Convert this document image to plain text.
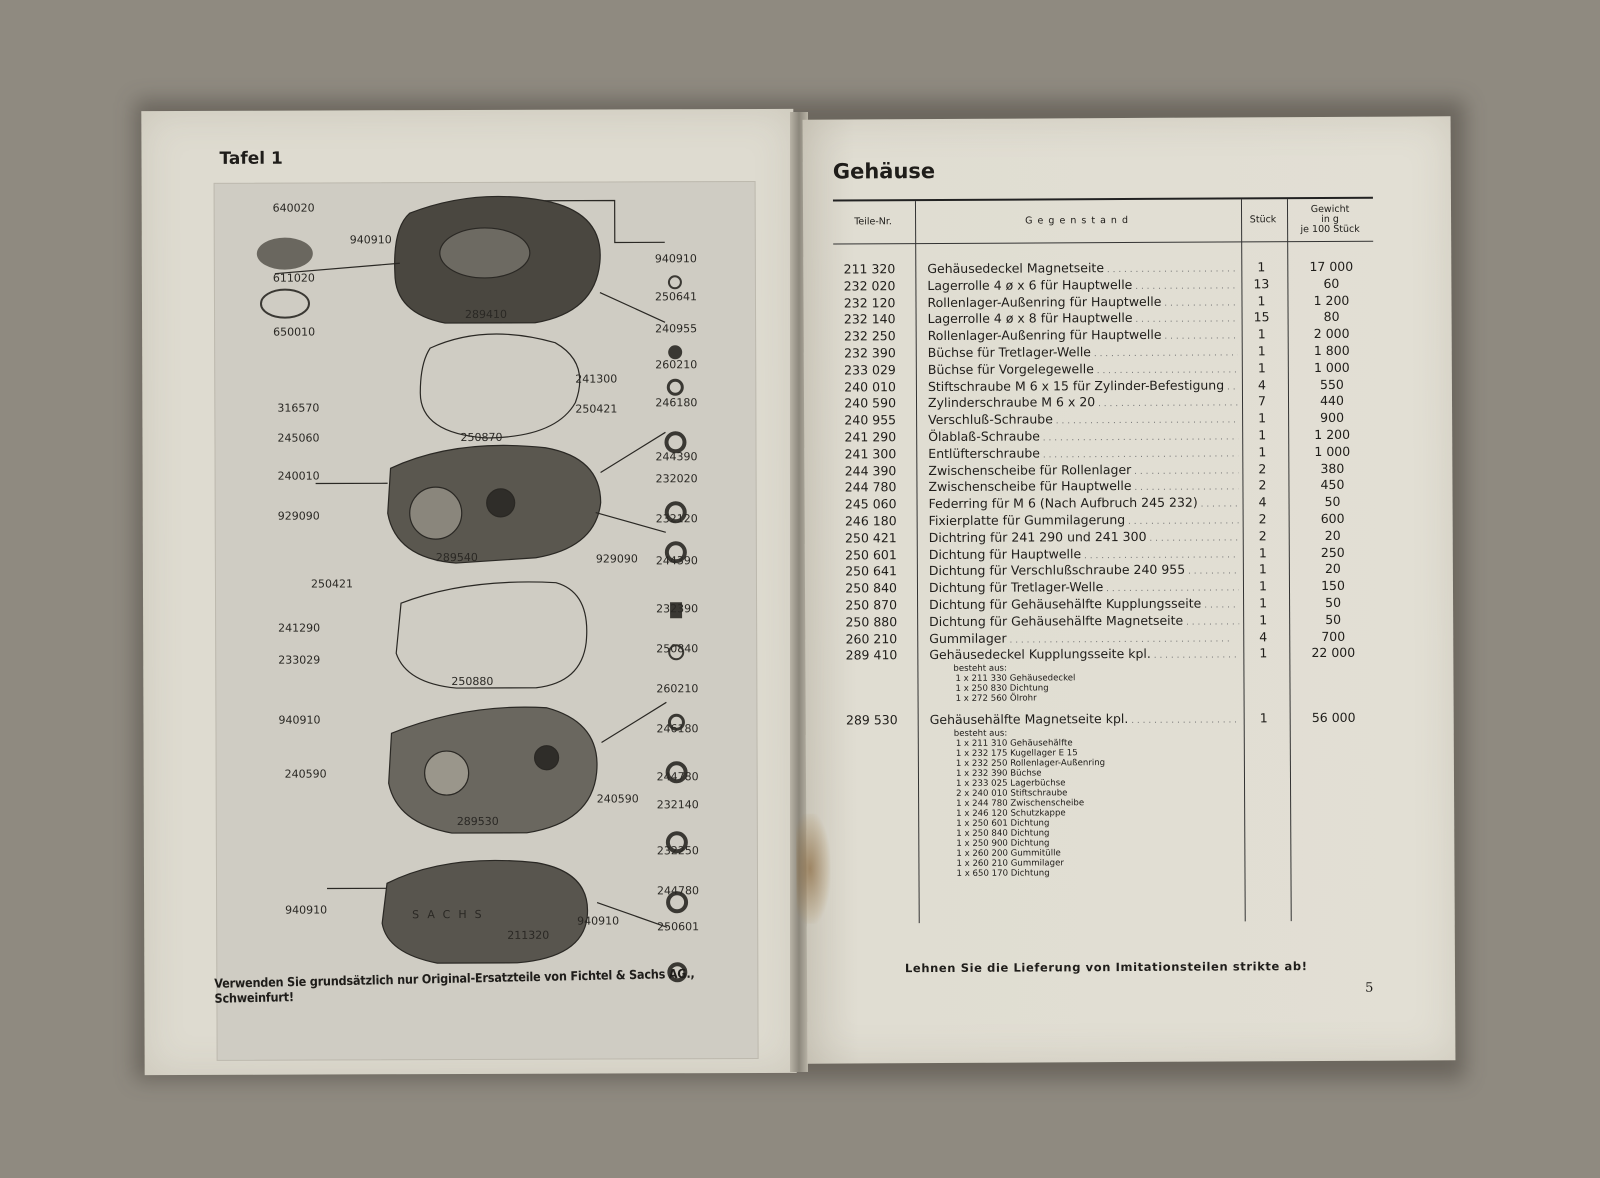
Tafel 1
SACHS
640020
940910
611020
650010
289410
940910
250641
240955
260210
241300
250421	246180
316570
245060
240010
250870
244390
232020
929090	232120
289540	929090 244390
250421
241290
233029
232390
250840
250880
260210
940910
246180
240590	244780
240590 232140
289530
232250
940910
244780
940910
211320
250601
Verwenden Sie grundsätzlich nur Original-Ersatzteile von Fichtel & Sachs AG., Schweinfurt!
Gehäuse
Teile-Nr.	G e g e n s t a n d	Stück
Gewicht
in g
je 100 Stück
211 320	Gehäusedeckel Magnetseite . . .	1	17 000
232 020	Lagerrolle 4 ø x 6 für Hauptwelle . . .	13	60
232 120	Rollenlager-Außenring für Hauptwelle . . .	1	1 200
232 140	Lagerrolle 4 ø x 8 für Hauptwelle . . .	15	80
232 250	Rollenlager-Außenring für Hauptwelle . . .	1	2 000
232 390	Büchse für Tretlager-Welle . . .	1	1 800
233 029	Büchse für Vorgelegewelle . . .	1	1 000
240 010	Stiftschraube M 6 x 15 für Zylinder-Befestigung . . .	4	550
240 590	Zylinderschraube M 6 x 20 . . .	7	440
240 955	Verschluß-Schraube . . .	1	900
241 290	Ölablaß-Schraube . . .	1	1 200
241 300	Entlüfterschraube . . .	1	1 000
244 390	Zwischenscheibe für Rollenlager . . .	2	380
244 780	Zwischenscheibe für Hauptwelle . . .	2	450
245 060	Federring für M 6 (Nach Aufbruch 245 232) . . .	4	50
246 180	Fixierplatte für Gummilagerung . . .	2	600
250 421	Dichtring für 241 290 und 241 300 . . .	2	20
250 601	Dichtung für Hauptwelle . . .	1	250
250 641	Dichtung für Verschlußschraube 240 955 . . .	1	20
250 840	Dichtung für Tretlager-Welle . . .	1	150
250 870	Dichtung für Gehäusehälfte Kupplungsseite . . .	1	50
250 880	Dichtung für Gehäusehälfte Magnetseite . . .	1	50
260 210	Gummilager . . .	4	700
289 410	Gehäusedeckel Kupplungsseite kpl. . . .	1	22 000
besteht aus:
1 x 211 330 Gehäusedeckel
1 x 250 830 Dichtung
1 x 272 560 Ölrohr
289 530	Gehäusehälfte Magnetseite kpl. . . .	1	56 000
besteht aus:
1 x 211 310 Gehäusehälfte
1 x 232 175 Kugellager E 15
1 x 232 250 Rollenlager-Außenring
1 x 232 390 Büchse
1 x 233 025 Lagerbüchse
2 x 240 010 Stiftschraube
1 x 244 780 Zwischenscheibe
1 x 246 120 Schutzkappe
1 x 250 601 Dichtung
1 x 250 840 Dichtung
1 x 250 900 Dichtung
1 x 260 200 Gummitülle
1 x 260 210 Gummilager
1 x 650 170 Dichtung
Lehnen Sie die Lieferung von Imitationsteilen strikte ab!
5
